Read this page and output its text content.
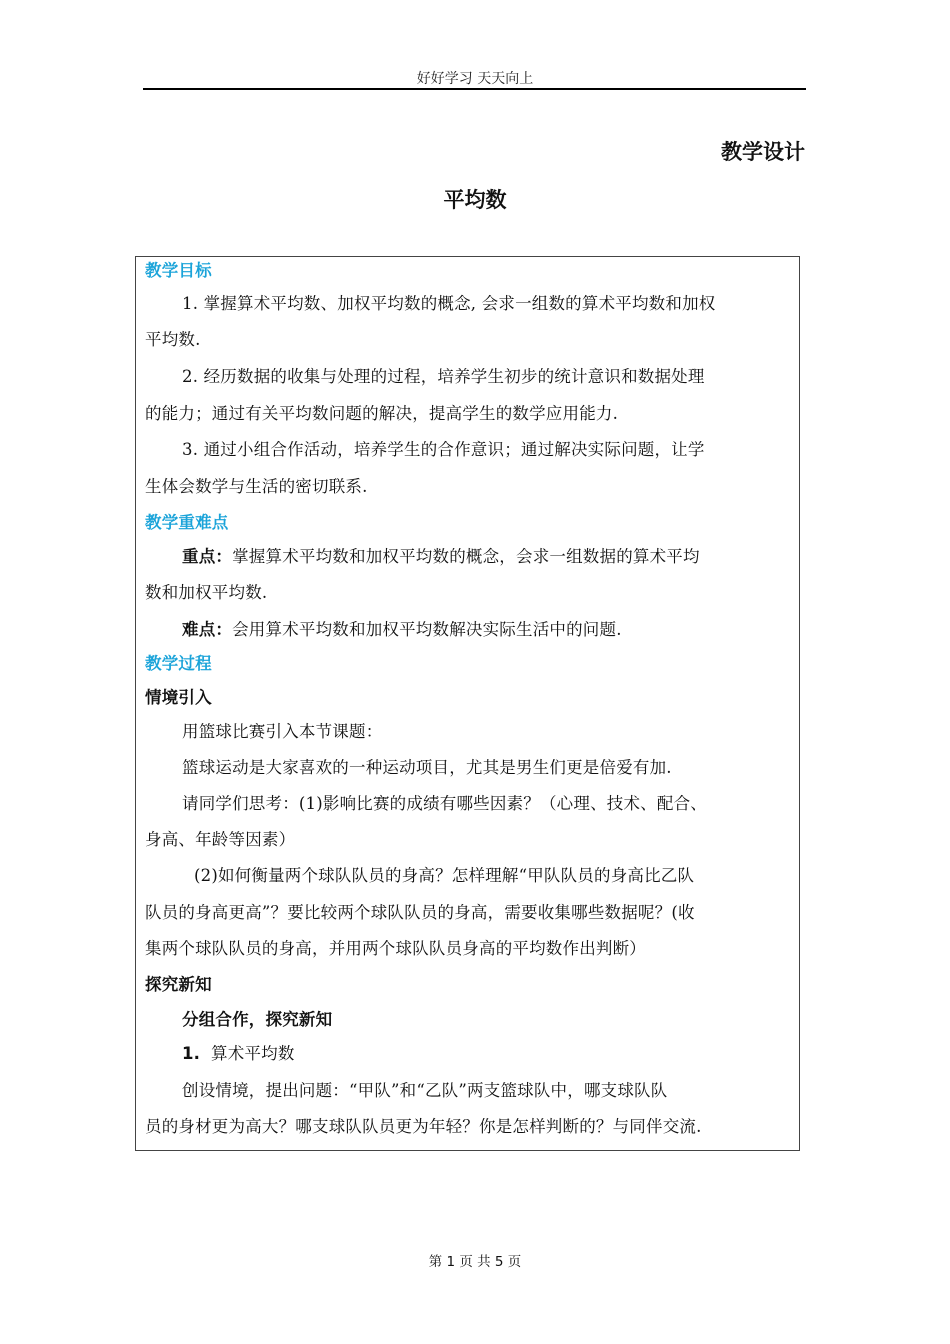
好好学习 天天向上
教学设计
平均数
教学目标
1. 掌握算术平均数、加权平均数的概念, 会求一组数的算术平均数和加权
平均数.
2. 经历数据的收集与处理的过程，培养学生初步的统计意识和数据处理
的能力；通过有关平均数问题的解决，提高学生的数学应用能力.
3. 通过小组合作活动，培养学生的合作意识；通过解决实际问题，让学
生体会数学与生活的密切联系.
教学重难点
重点：掌握算术平均数和加权平均数的概念，会求一组数据的算术平均
数和加权平均数.
难点：会用算术平均数和加权平均数解决实际生活中的问题.
教学过程
情境引入
用篮球比赛引入本节课题：
篮球运动是大家喜欢的一种运动项目，尤其是男生们更是倍爱有加.
请同学们思考：(1)影响比赛的成绩有哪些因素？（心理、技术、配合、
身高、年龄等因素）
(2)如何衡量两个球队队员的身高？怎样理解“甲队队员的身高比乙队
队员的身高更高”？要比较两个球队队员的身高，需要收集哪些数据呢？(收
集两个球队队员的身高，并用两个球队队员身高的平均数作出判断）
探究新知
分组合作，探究新知
1. 算术平均数
创设情境，提出问题：“甲队”和“乙队”两支篮球队中，哪支球队队
员的身材更为高大？哪支球队队员更为年轻？你是怎样判断的？与同伴交流.
第 1 页 共 5 页
